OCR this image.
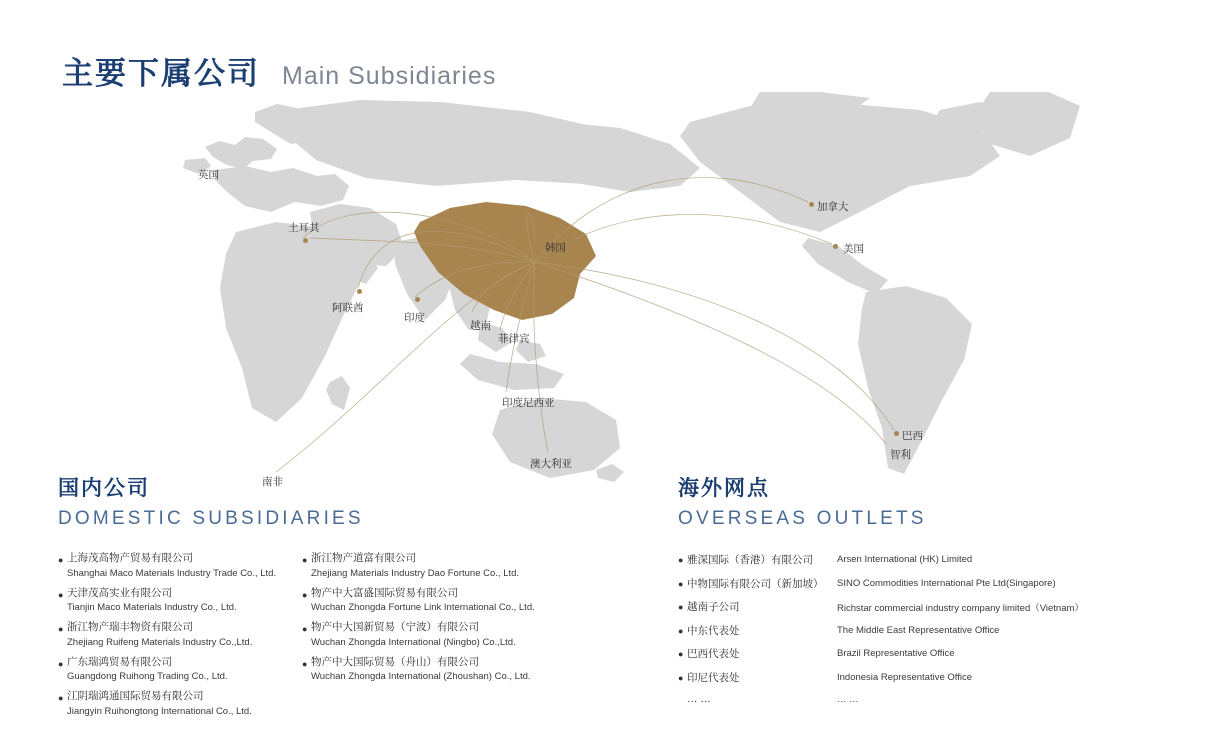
主要下属公司 Main Subsidiaries
英国
土耳其
阿联酋
印度
越南
菲律宾
韩国
印度尼西亚
澳大利亚
南非
加拿大
美国
巴西
智利
国内公司
DOMESTIC SUBSIDIARIES
● 上海茂高物产贸易有限公司
Shanghai Maco Materials Industry Trade Co., Ltd.
● 天津茂高实业有限公司
Tianjin Maco Materials Industry Co., Ltd.
● 浙江物产瑞丰物资有限公司
Zhejiang Ruifeng Materials Industry Co.,Ltd.
● 广东瑞鸿贸易有限公司
Guangdong Ruihong Trading Co., Ltd.
● 江阴瑞鸿通国际贸易有限公司
Jiangyin Ruihongtong International Co., Ltd.
● 浙江物产道富有限公司
Zhejiang Materials Industry Dao Fortune Co., Ltd.
● 物产中大富盛国际贸易有限公司
Wuchan Zhongda Fortune Link International Co., Ltd.
● 物产中大国新贸易（宁波）有限公司
Wuchan Zhongda International (Ningbo) Co.,Ltd.
● 物产中大国际贸易（舟山）有限公司
Wuchan Zhongda International (Zhoushan) Co., Ltd.
海外网点
OVERSEAS OUTLETS
● 雅深国际（香港）有限公司	Arsen International (HK) Limited
● 中物国际有限公司（新加坡）	SINO Commodities International Pte Ltd(Singapore)
● 越南子公司	Richstar commercial industry company limited（Vietnam）
● 中东代表处	The Middle East Representative Office
● 巴西代表处	Brazil Representative Office
● 印尼代表处	Indonesia Representative Office
… …	… …
